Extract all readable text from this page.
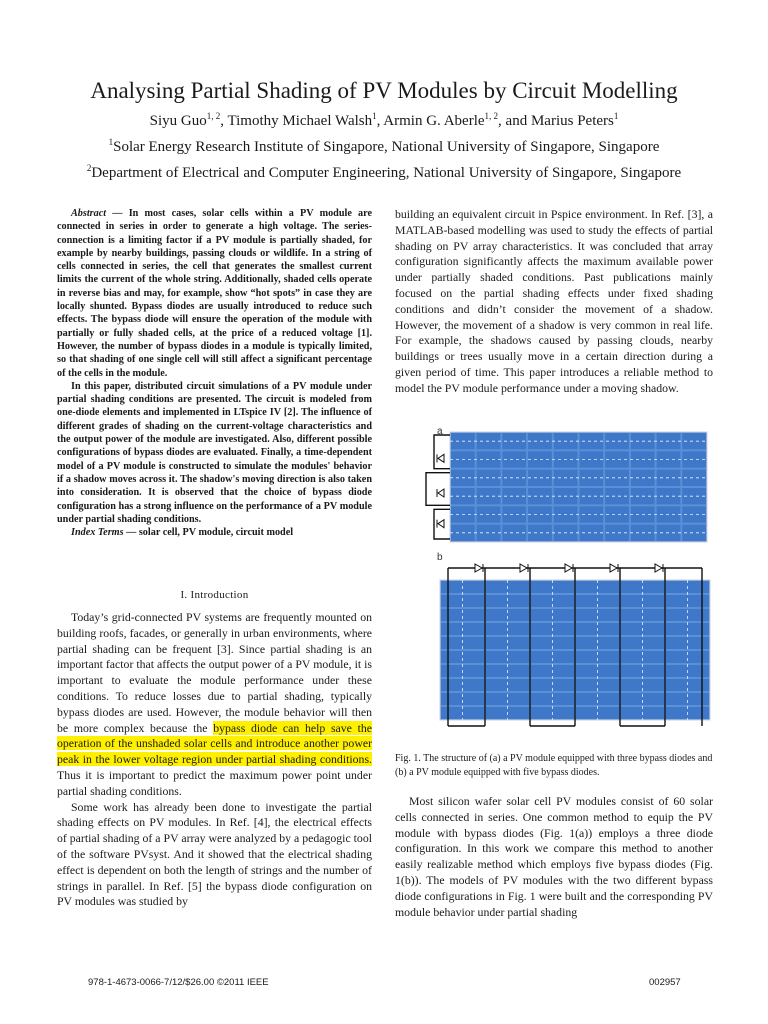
Analysing Partial Shading of PV Modules by Circuit Modelling
Siyu Guo$^{1, 2}$, Timothy Michael Walsh$^1$, Armin G. Aberle$^{1, 2}$, and Marius Peters$^1$
$^1$Solar Energy Research Institute of Singapore, National University of Singapore, Singapore
$^2$Department of Electrical and Computer Engineering, National University of Singapore, Singapore

Abstract — In most cases, solar cells within a PV module are connected in series in order to generate a high voltage. The series-connection is a limiting factor if a PV module is partially shaded, for example by nearby buildings, passing clouds or wildlife. In a string of cells connected in series, the cell that generates the smallest current limits the current of the whole string. Additionally, shaded cells operate in reverse bias and may, for example, show “hot spots” in case they are locally shunted. Bypass diodes are usually introduced to reduce such effects. The bypass diode will ensure the operation of the module with partially or fully shaded cells, at the price of a reduced voltage [1]. However, the number of bypass diodes in a module is typically limited, so that shading of one single cell will still affect a significant percentage of the cells in the module.

In this paper, distributed circuit simulations of a PV module under partial shading conditions are presented. The circuit is modeled from one-diode elements and implemented in LTspice IV [2]. The influence of different grades of shading on the current-voltage characteristics and the output power of the module are investigated. Also, different possible configurations of bypass diodes are evaluated. Finally, a time-dependent model of a PV module is constructed to simulate the modules' behavior if a shadow moves across it. The shadow's moving direction is also taken into consideration. It is observed that the choice of bypass diode configuration has a strong influence on the performance of a PV module under partial shading conditions.

Index Terms — solar cell, PV module, circuit model

I. Introduction

Today’s grid-connected PV systems are frequently mounted on building roofs, facades, or generally in urban environments, where partial shading can be frequent [3]. Since partial shading is an important factor that affects the output power of a PV module, it is important to evaluate the module performance under these conditions. To reduce losses due to partial shading, typically bypass diodes are used. However, the module behavior will then be more complex because the bypass diode can help save the operation of the unshaded solar cells and introduce another power peak in the lower voltage region under partial shading conditions. Thus it is important to predict the maximum power point under partial shading conditions.

Some work has already been done to investigate the partial shading effects on PV modules. In Ref. [4], the electrical effects of partial shading of a PV array were analyzed by a pedagogic tool of the software PVsyst. And it showed that the electrical shading effect is dependent on both the length of strings and the number of strings in parallel. In Ref. [5] the bypass diode configuration on PV modules was studied by

building an equivalent circuit in Pspice environment. In Ref. [3], a MATLAB-based modelling was used to study the effects of partial shading on PV array characteristics. It was concluded that array configuration significantly affects the maximum available power under partially shaded conditions. Past publications mainly focused on the partial shading effects under fixed shading conditions and didn’t consider the movement of a shadow. However, the movement of a shadow is very common in real life. For example, the shadows caused by passing clouds, nearby buildings or trees usually move in a certain direction during a given period of time. This paper introduces a reliable method to model the PV module performance under a moving shadow.

a
b
Fig. 1. The structure of (a) a PV module equipped with three bypass diodes and (b) a PV module equipped with five bypass diodes.

Most silicon wafer solar cell PV modules consist of 60 solar cells connected in series. One common method to equip the PV module with bypass diodes (Fig. 1(a)) employs a three diode configuration. In this work we compare this method to another easily realizable method which employs five bypass diodes (Fig. 1(b)). The models of PV modules with the two different bypass diode configurations in Fig. 1 were built and the corresponding PV module behavior under partial shading

978-1-4673-0066-7/12/$26.00 ©2011 IEEE	002957
